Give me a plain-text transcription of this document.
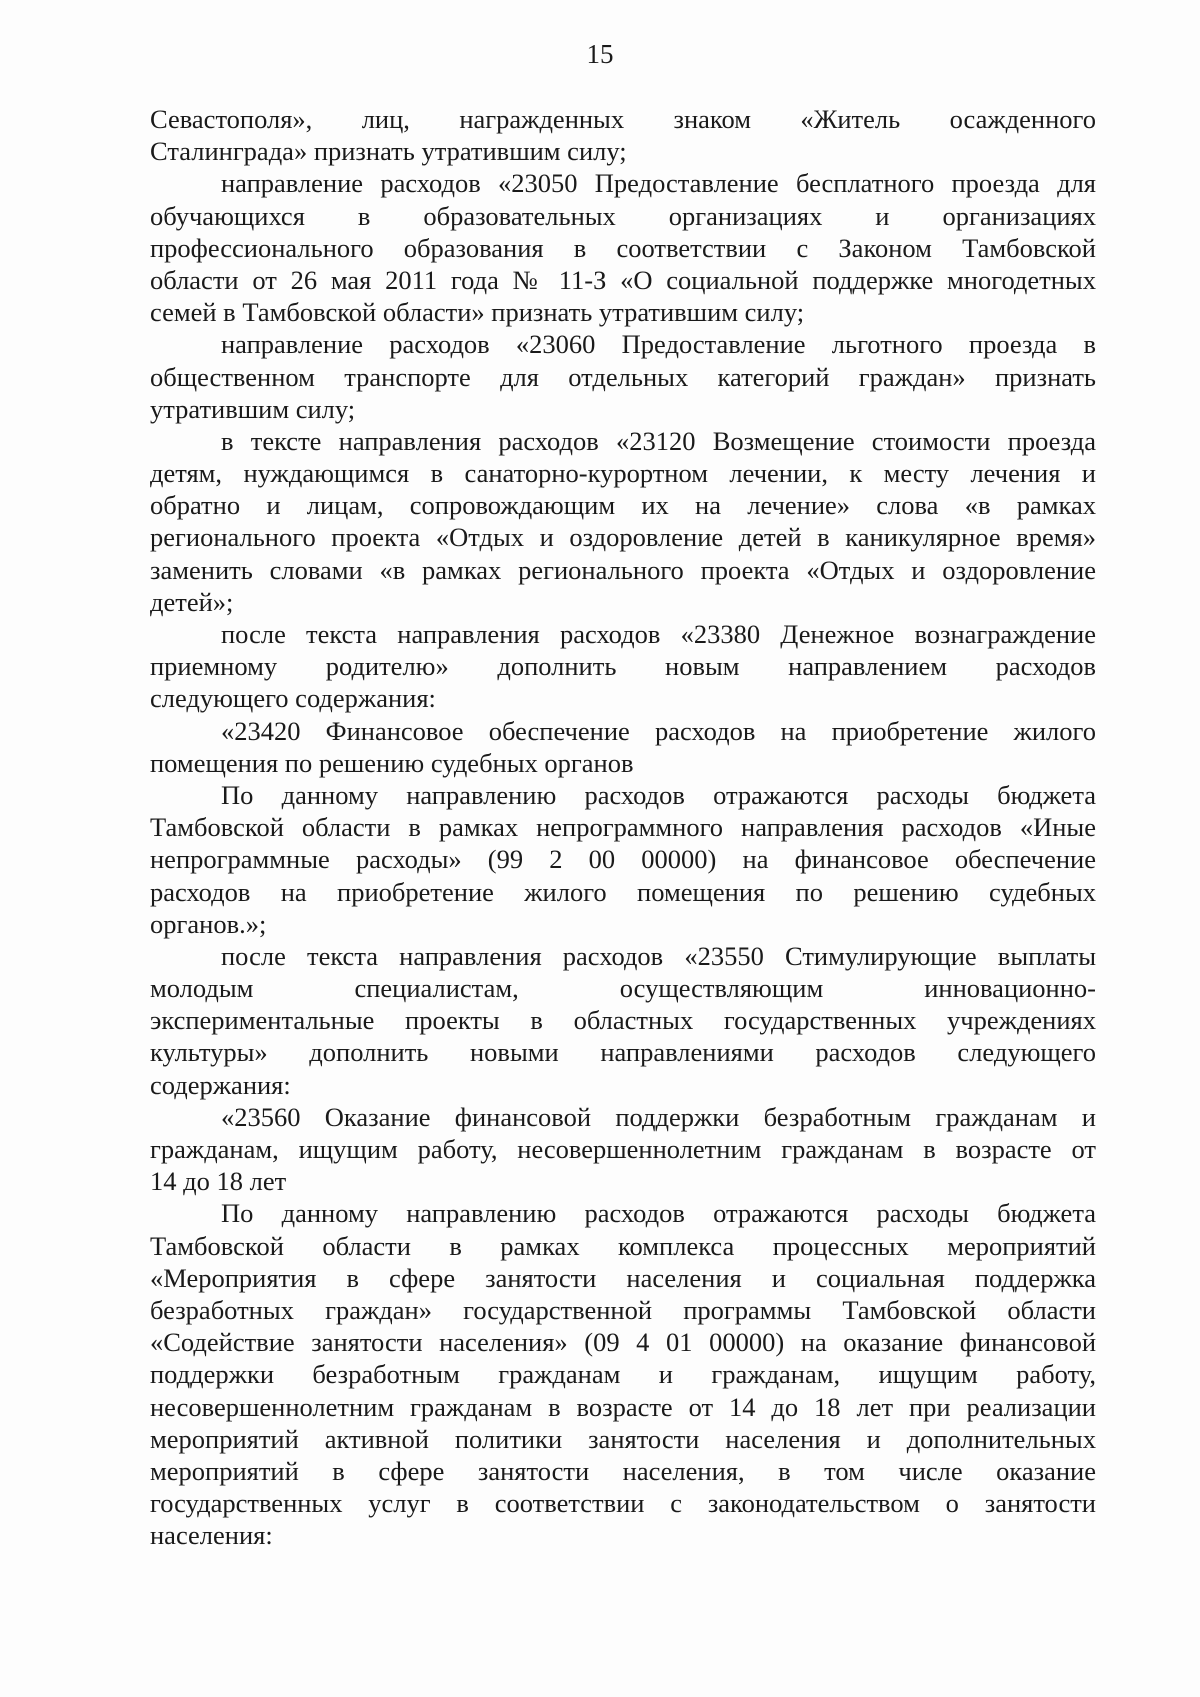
15
Севастополя», лиц, награжденных знаком «Житель осажденного
Сталинграда» признать утратившим силу;
направление расходов «23050 Предоставление бесплатного проезда для
обучающихся в образовательных организациях и организациях
профессионального образования в соответствии с Законом Тамбовской
области от 26 мая 2011 года № 11-З «О социальной поддержке многодетных
семей в Тамбовской области» признать утратившим силу;
направление расходов «23060 Предоставление льготного проезда в
общественном транспорте для отдельных категорий граждан» признать
утратившим силу;
в тексте направления расходов «23120 Возмещение стоимости проезда
детям, нуждающимся в санаторно-курортном лечении, к месту лечения и
обратно и лицам, сопровождающим их на лечение» слова «в рамках
регионального проекта «Отдых и оздоровление детей в каникулярное время»
заменить словами «в рамках регионального проекта «Отдых и оздоровление
детей»;
после текста направления расходов «23380 Денежное вознаграждение
приемному родителю» дополнить новым направлением расходов
следующего содержания:
«23420 Финансовое обеспечение расходов на приобретение жилого
помещения по решению судебных органов
По данному направлению расходов отражаются расходы бюджета
Тамбовской области в рамках непрограммного направления расходов «Иные
непрограммные расходы» (99 2 00 00000) на финансовое обеспечение
расходов на приобретение жилого помещения по решению судебных
органов.»;
после текста направления расходов «23550 Стимулирующие выплаты
молодым специалистам, осуществляющим инновационно-
экспериментальные проекты в областных государственных учреждениях
культуры» дополнить новыми направлениями расходов следующего
содержания:
«23560 Оказание финансовой поддержки безработным гражданам и
гражданам, ищущим работу, несовершеннолетним гражданам в возрасте от
14 до 18 лет
По данному направлению расходов отражаются расходы бюджета
Тамбовской области в рамках комплекса процессных мероприятий
«Мероприятия в сфере занятости населения и социальная поддержка
безработных граждан» государственной программы Тамбовской области
«Содействие занятости населения» (09 4 01 00000) на оказание финансовой
поддержки безработным гражданам и гражданам, ищущим работу,
несовершеннолетним гражданам в возрасте от 14 до 18 лет при реализации
мероприятий активной политики занятости населения и дополнительных
мероприятий в сфере занятости населения, в том числе оказание
государственных услуг в соответствии с законодательством о занятости
населения:
